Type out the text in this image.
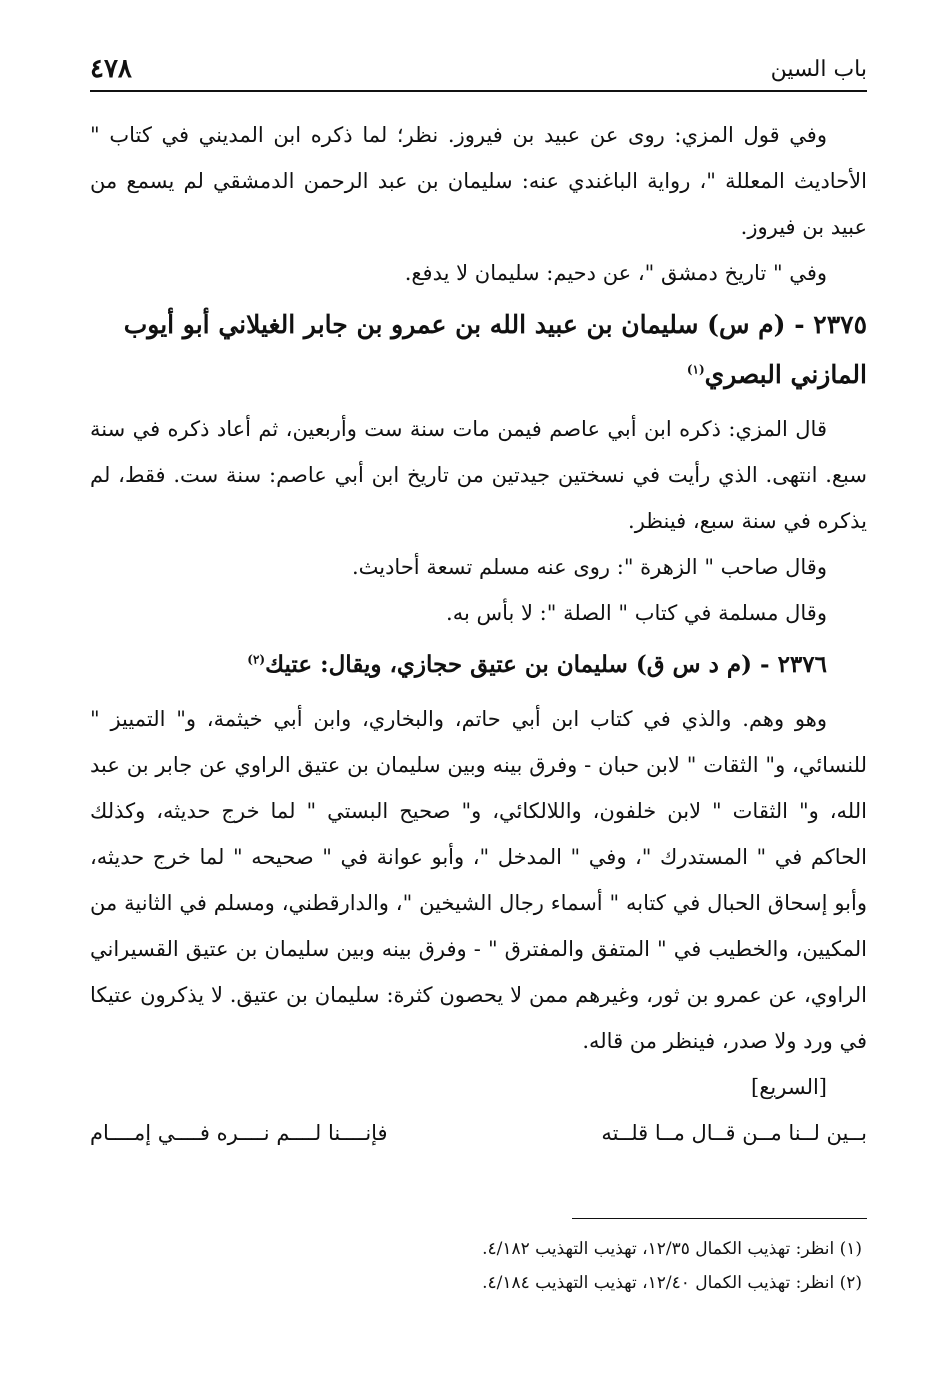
باب السين
٤٧٨

وفي قول المزي: روى عن عبيد بن فيروز. نظر؛ لما ذكره ابن المديني في كتاب " الأحاديث المعللة "، رواية الباغندي عنه: سليمان بن عبد الرحمن الدمشقي لم يسمع من عبيد بن فيروز.

وفي " تاريخ دمشق "، عن دحيم: سليمان لا يدفع.

٢٣٧٥ - (م س) سليمان بن عبيد الله بن عمرو بن جابر الغيلاني أبو أيوب المازني البصري$^{(١)}$

قال المزي: ذكره ابن أبي عاصم فيمن مات سنة ست وأربعين، ثم أعاد ذكره في سنة سبع. انتهى. الذي رأيت في نسختين جيدتين من تاريخ ابن أبي عاصم: سنة ست. فقط، لم يذكره في سنة سبع، فينظر.

وقال صاحب " الزهرة ": روى عنه مسلم تسعة أحاديث.

وقال مسلمة في كتاب " الصلة ": لا بأس به.

٢٣٧٦ - (م د س ق) سليمان بن عتيق حجازي، ويقال: عتيك$^{(٢)}$

وهو وهم. والذي في كتاب ابن أبي حاتم، والبخاري، وابن أبي خيثمة، و" التمييز " للنسائي، و" الثقات " لابن حبان - وفرق بينه وبين سليمان بن عتيق الراوي عن جابر بن عبد الله، و" الثقات " لابن خلفون، واللالكائي، و" صحيح البستي " لما خرج حديثه، وكذلك الحاكم في " المستدرك "، وفي " المدخل "، وأبو عوانة في " صحيحه " لما خرج حديثه، وأبو إسحاق الحبال في كتابه " أسماء رجال الشيخين "، والدارقطني، ومسلم في الثانية من المكيين، والخطيب في " المتفق والمفترق " - وفرق بينه وبين سليمان بن عتيق القسيراني الراوي، عن عمرو بن ثور، وغيرهم ممن لا يحصون كثرة: سليمان بن عتيق. لا يذكرون عتيكا في ورد ولا صدر، فينظر من قاله.

[السريع]
بــين لــنا مــن قــال مــا قلــته
فإنــــنا لــــم نــــره فــــي إمــــام
(١) انظر: تهذيب الكمال ١٢/٣٥، تهذيب التهذيب ٤/١٨٢.
(٢) انظر: تهذيب الكمال ١٢/٤٠، تهذيب التهذيب ٤/١٨٤.
